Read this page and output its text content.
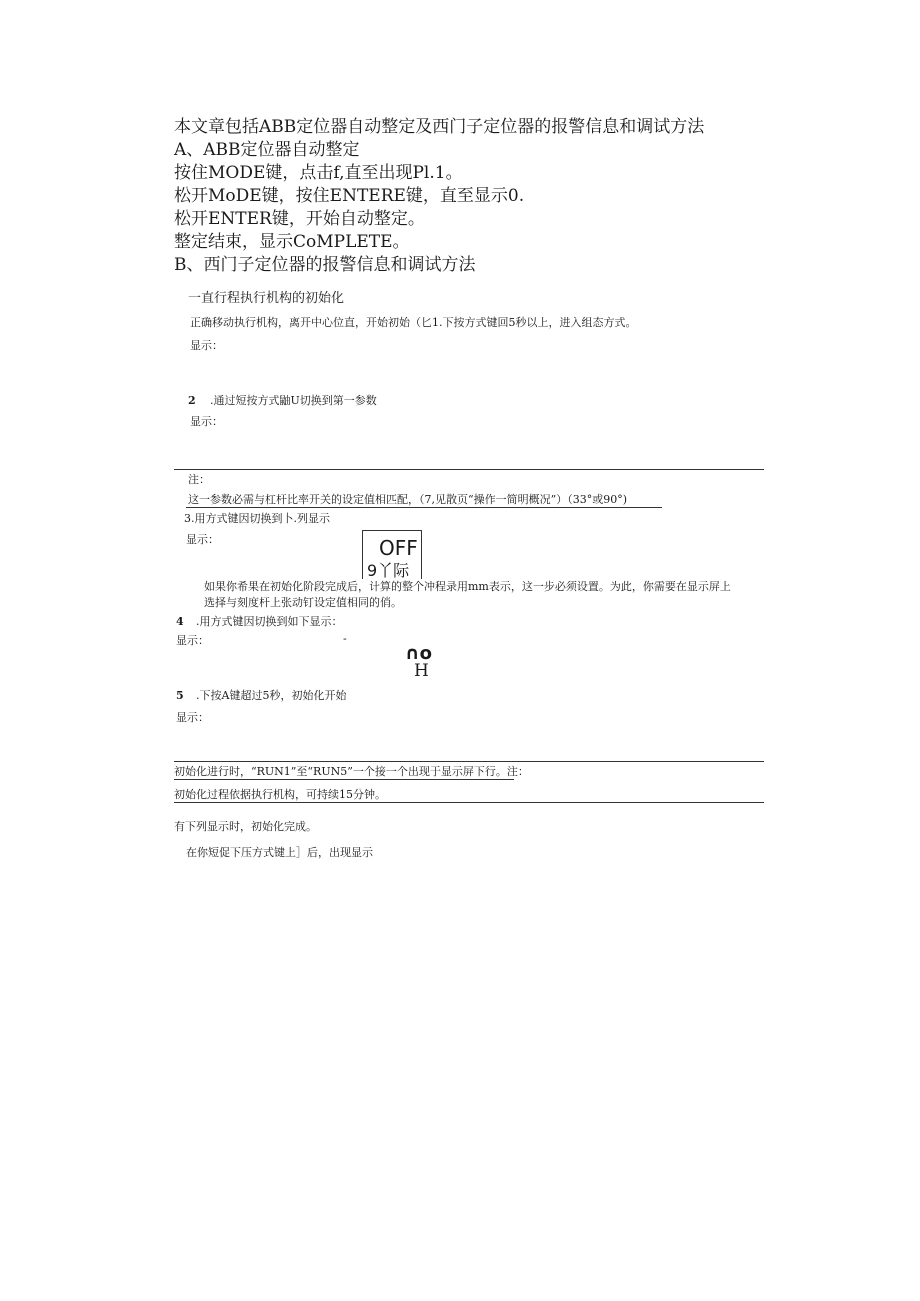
本文章包括ABB定位器自动整定及西门子定位器的报警信息和调试方法
A、ABB定位器自动整定
按住MODE键，点击f,直至出现Pl.1。
松开MoDE键，按住ENTERE键，直至显示0.
松开ENTER键，开始自动整定。
整定结束，显示CoMPLETE。
B、西门子定位器的报警信息和调试方法
一直行程执行机构的初始化
正确移动执行机构，离开中心位直，开始初始（匕1.下按方式键回5秒以上，进入组态方式。
显示：
2 .通过短按方式鼬U切换到第一参数
显示：
注：
这一参数必需与杠杆比率开关的设定值相匹配，（7,见散页“操作一简明概况”）（33°或90°)
3.用方式键因切换到卜.列显示
显示：	OFF
9丫际
如果你希果在初始化阶段完成后，计算的整个冲程录用mm表示，这一步必须设置。为此，你需要在显示屏上
选择与刻度杆上张动钉设定值相同的俏。
4 .用方式键因切换到如下显示：
显示：	-
∩o
H
5 .下按A键超过5秒，初始化开始
显示：
初始化进行时，“RUN1”至“RUN5”一个接一个出现于显示屏下行。注：
初始化过程依据执行机构，可持续15分钟。
有下列显示时，初始化完成。
在你短促下压方式键上］后，出现显示
